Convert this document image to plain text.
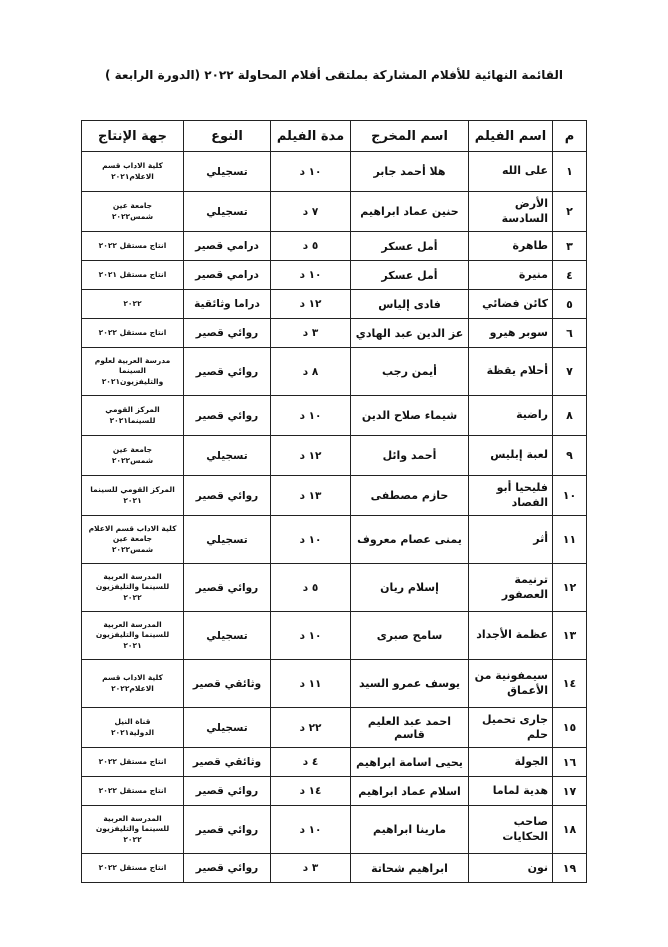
القائمة النهائية للأفلام المشاركة بملتقى أفلام المحاولة ٢٠٢٢ (الدورة الرابعة )
م	اسم الفيلم	اسم المخرج	مدة الفيلم	النوع	جهة الإنتاج
١	على الله	هلا أحمد جابر	١٠ د	تسجيلي	كلية الاداب قسم
الاعلام٢٠٢١

٢	الأرض السادسة	حنين عماد ابراهيم	٧ د	تسجيلي	جامعة عين
شمس٢٠٢٢

٣	طاهرة	أمل عسكر	٥ د	درامي قصير	انتاج مستقل ٢٠٢٢

٤	منيرة	أمل عسكر	١٠ د	درامي قصير	انتاج مستقل ٢٠٢١

٥	كائن فضائي	فادى إلياس	١٢ د	دراما وثائقية	٢٠٢٢

٦	سوبر هيرو	عز الدين عبد الهادي	٣ د	روائي قصير	انتاج مستقل ٢٠٢٢

٧	أحلام يقظة	أيمن رجب	٨ د	روائي قصير	مدرسة العربية لعلوم
السينما
والتليفزيون٢٠٢١

٨	راضية	شيماء صلاح الدين	١٠ د	روائي قصير	المركز القومي
للسينما٢٠٢١

٩	لعبة إبليس	أحمد وائل	١٢ د	تسجيلي	جامعة عين
شمس٢٠٢٢

١٠	فليحيا أبو الفصاد	حازم مصطفى	١٣ د	روائي قصير	المركز القومي للسينما
٢٠٢١

١١	أثر	يمنى عصام معروف	١٠ د	تسجيلي	كلية الاداب قسم الاعلام
جامعة عين
شمس٢٠٢٢

١٢	ترنيمة العصفور	إسلام ريان	٥ د	روائي قصير	المدرسة العربية
للسينما والتليفزيون
٢٠٢٢

١٣	عظمة الأجداد	سامح صبرى	١٠ د	تسجيلي	المدرسة العربية
للسينما والتليفزيون
٢٠٢١

١٤	سيمفونية من الأعماق	يوسف عمرو السيد	١١ د	وثائقي قصير	كلية الاداب قسم
الاعلام٢٠٢٢

١٥	جارى تحميل حلم	احمد عبد العليم قاسم	٢٢ د	تسجيلي	قناة النيل
الدولية٢٠٢١

١٦	الجولة	يحيى اسامة ابراهيم	٤ د	وثائقي قصير	انتاج مستقل ٢٠٢٢

١٧	هدية لماما	اسلام عماد ابراهيم	١٤ د	روائي قصير	انتاج مستقل ٢٠٢٢

١٨	صاحب الحكايات	مارينا ابراهيم	١٠ د	روائي قصير	المدرسة العربية
للسينما والتليفزيون
٢٠٢٢

١٩	نون	ابراهيم شحاتة	٣ د	روائي قصير	انتاج مستقل ٢٠٢٢
